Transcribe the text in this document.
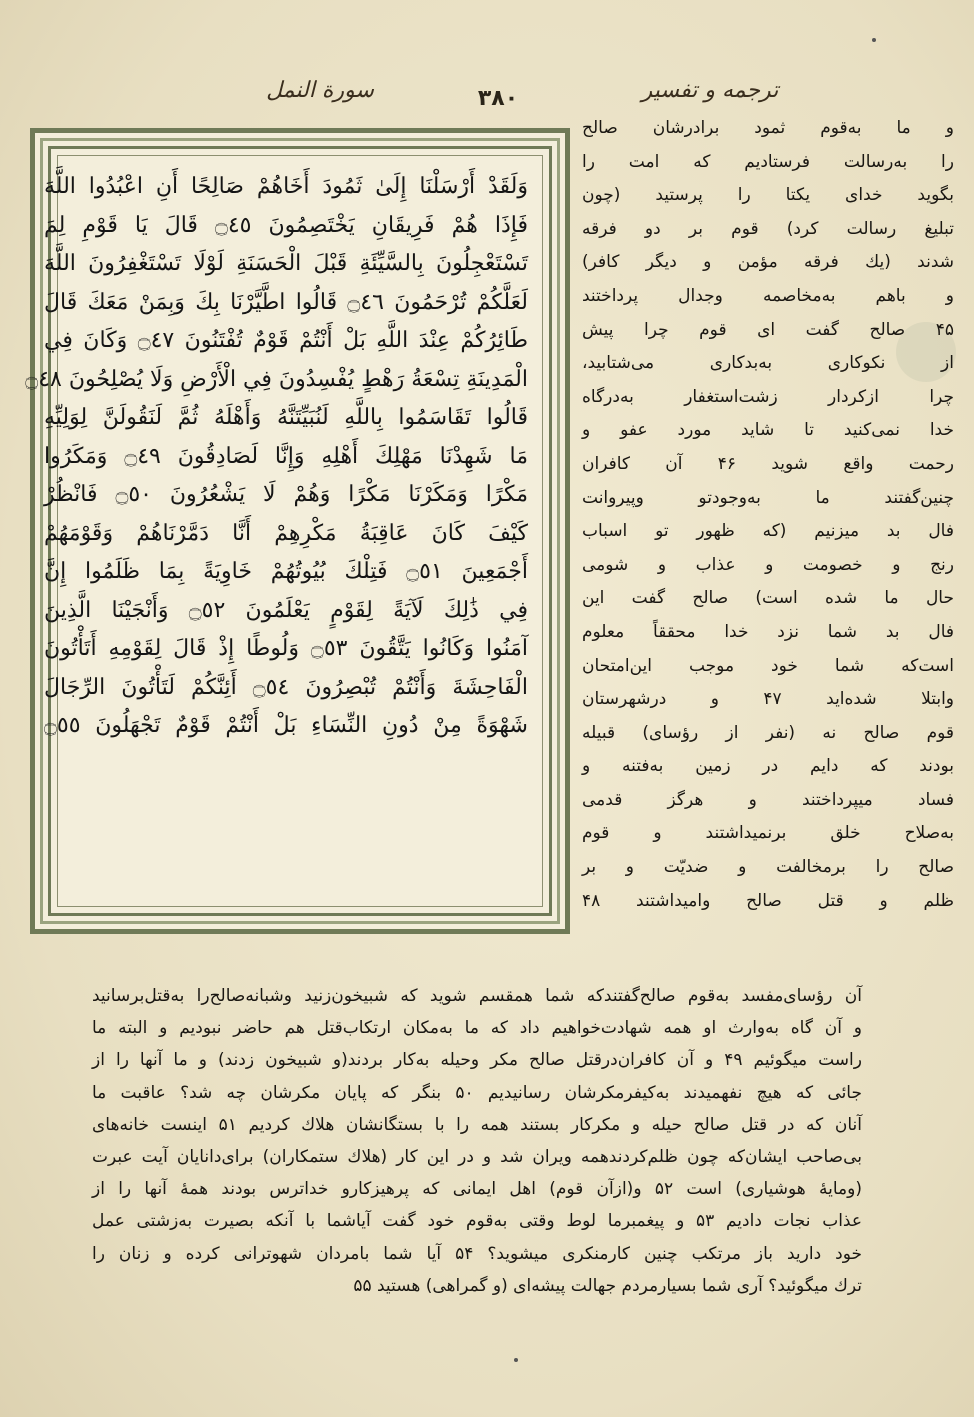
سورة النمل	۳۸۰	ترجمه و تفسیر
وَلَقَدْ أَرْسَلْنَا إِلَىٰ ثَمُودَ أَخَاهُمْ صَالِحًا أَنِ اعْبُدُوا اللَّهَ
فَإِذَا هُمْ فَرِيقَانِ يَخْتَصِمُونَ ۝٤٥ قَالَ يَا قَوْمِ لِمَ
تَسْتَعْجِلُونَ بِالسَّيِّئَةِ قَبْلَ الْحَسَنَةِ لَوْلَا تَسْتَغْفِرُونَ اللَّهَ
لَعَلَّكُمْ تُرْحَمُونَ ۝٤٦ قَالُوا اطَّيَّرْنَا بِكَ وَبِمَنْ مَعَكَ قَالَ
طَائِرُكُمْ عِنْدَ اللَّهِ بَلْ أَنْتُمْ قَوْمٌ تُفْتَنُونَ ۝٤٧ وَكَانَ فِي
الْمَدِينَةِ تِسْعَةُ رَهْطٍ يُفْسِدُونَ فِي الْأَرْضِ وَلَا يُصْلِحُونَ ۝٤٨
قَالُوا تَقَاسَمُوا بِاللَّهِ لَنُبَيِّتَنَّهُ وَأَهْلَهُ ثُمَّ لَنَقُولَنَّ لِوَلِيِّهِ
مَا شَهِدْنَا مَهْلِكَ أَهْلِهِ وَإِنَّا لَصَادِقُونَ ۝٤٩ وَمَكَرُوا
مَكْرًا وَمَكَرْنَا مَكْرًا وَهُمْ لَا يَشْعُرُونَ ۝٥٠ فَانْظُرْ
كَيْفَ كَانَ عَاقِبَةُ مَكْرِهِمْ أَنَّا دَمَّرْنَاهُمْ وَقَوْمَهُمْ
أَجْمَعِينَ ۝٥١ فَتِلْكَ بُيُوتُهُمْ خَاوِيَةً بِمَا ظَلَمُوا إِنَّ
فِي ذَٰلِكَ لَآيَةً لِقَوْمٍ يَعْلَمُونَ ۝٥٢ وَأَنْجَيْنَا الَّذِينَ
آمَنُوا وَكَانُوا يَتَّقُونَ ۝٥٣ وَلُوطًا إِذْ قَالَ لِقَوْمِهِ أَتَأْتُونَ
الْفَاحِشَةَ وَأَنْتُمْ تُبْصِرُونَ ۝٥٤ أَئِنَّكُمْ لَتَأْتُونَ الرِّجَالَ
شَهْوَةً مِنْ دُونِ النِّسَاءِ بَلْ أَنْتُمْ قَوْمٌ تَجْهَلُونَ ۝٥٥
و ما به‌قوم ثمود برادرشان صالح
را به‌رسالت فرستادیم که امت را
بگوید خدای یکتا را پرستید (چون
تبلیغ رسالت کرد) قوم بر دو فرقه
شدند (یك فرقه مؤمن و دیگر کافر)
و باهم به‌مخاصمه وجدال پرداختند
۴۵ صالح گفت ای قوم چرا پیش
از نکوکاری به‌بدکاری می‌شتابید،
چرا ازکردار زشت‌استغفار به‌درگاه
خدا نمی‌کنید تا شاید مورد عفو و
رحمت واقع شوید ۴۶ آن کافران
چنین‌گفتند ما به‌وجودتو وپیروانت
فال بد میزنیم (که ظهور تو اسباب
رنج و خصومت و عذاب و شومی
حال ما شده است) صالح گفت این
فال بد شما نزد خدا محققاً معلوم
است‌که شما خود موجب این‌امتحان
وابتلا شده‌اید ۴۷ و درشهرستان
قوم صالح نه (نفر از رؤسای) قبیله
بودند که دایم در زمین به‌فتنه و
فساد میپرداختند و هرگز قدمی
به‌صلاح خلق برنمیداشتند و قوم
صالح را برمخالفت و ضدیّت و بر
ظلم و قتل صالح وامیداشتند ۴۸
آن رؤسای‌مفسد به‌قوم صالح‌گفتندکه شما همقسم شوید که شبیخون‌زنید وشبانه‌صالح‌را به‌قتل‌برسانید
و آن گاه به‌وارث او همه شهادت‌خواهیم داد که ما به‌مکان ارتکاب‌قتل هم حاضر نبودیم و البته ما
راست میگوئیم ۴۹ و آن کافران‌درقتل صالح مکر وحیله به‌کار بردند(و شبیخون زدند) و ما آنها را از
جائی که هیچ نفهمیدند به‌کیفرمکرشان رسانیدیم ۵۰ بنگر که پایان مکرشان چه شد؟ عاقبت ما
آنان که در قتل صالح حیله و مکرکار بستند همه را با بستگانشان هلاك کردیم ۵۱ اینست خانه‌های
بی‌صاحب ایشان‌که چون ظلم‌کردندهمه ویران شد و در این کار (هلاك ستمکاران) برای‌دانایان آیت عبرت
(ومایهٔ هوشیاری) است ۵۲ و(ازآن قوم) اهل ایمانی که پرهیزکارو خداترس بودند همهٔ آنها را از
عذاب نجات دادیم ۵۳ و پیغمبرما لوط وقتی به‌قوم خود گفت آیاشما با آنکه بصیرت به‌زشتی عمل
خود دارید باز مرتکب چنین کارمنکری میشوید؟ ۵۴ آیا شما بامردان شهوترانی کرده و زنان را
ترك میگوئید؟ آری شما بسیارمردم جهالت پیشه‌ای (و گمراهی) هستید ۵۵
